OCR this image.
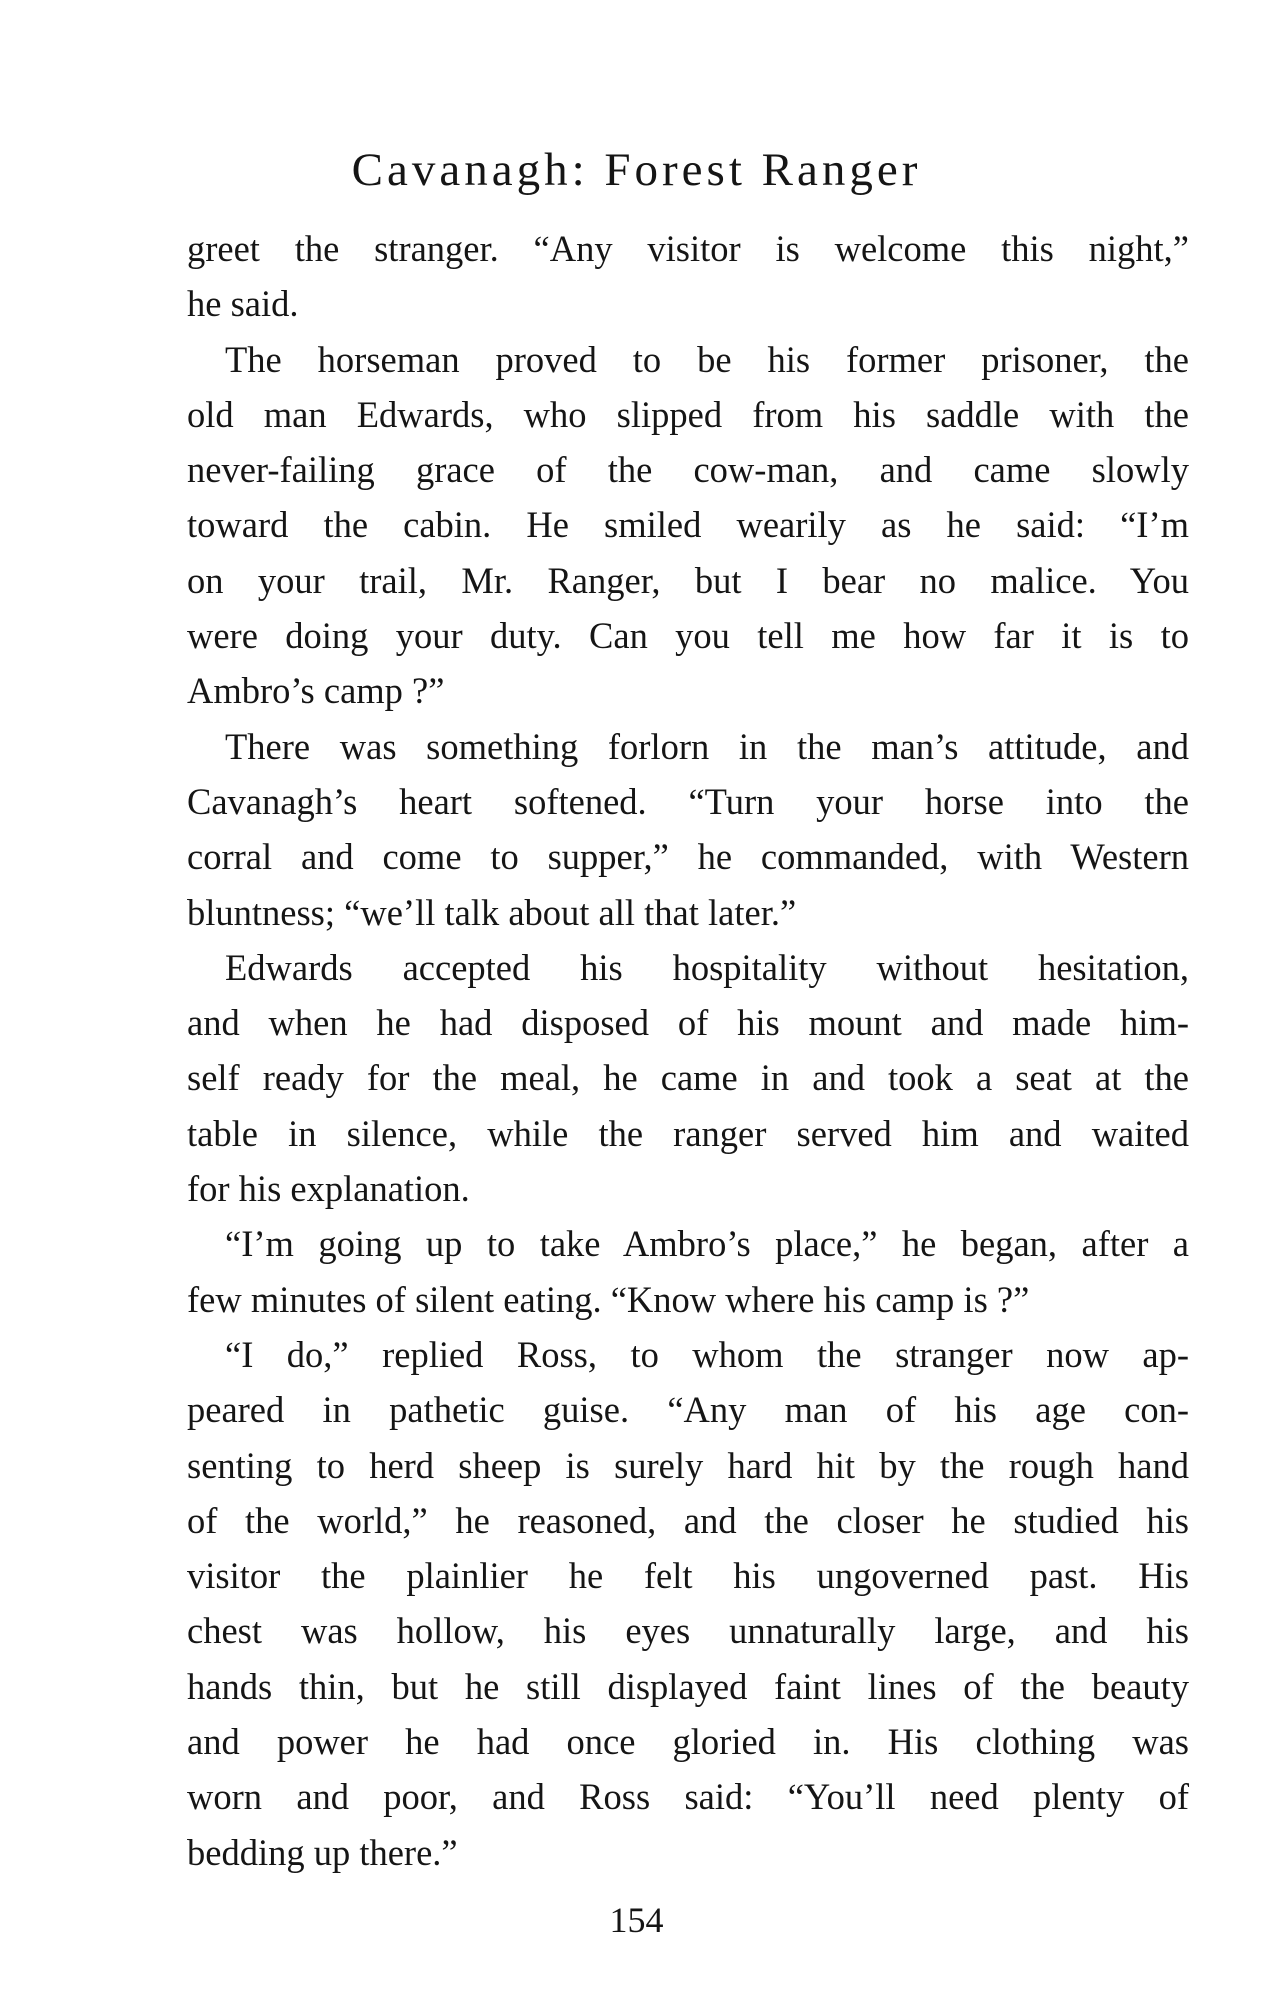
Cavanagh: Forest Ranger
greet the stranger. “Any visitor is welcome this night,”
he said.
The horseman proved to be his former prisoner, the
old man Edwards, who slipped from his saddle with the
never-failing grace of the cow-man, and came slowly
toward the cabin. He smiled wearily as he said: “I’m
on your trail, Mr. Ranger, but I bear no malice. You
were doing your duty. Can you tell me how far it is to
Ambro’s camp ?”
There was something forlorn in the man’s attitude, and
Cavanagh’s heart softened. “Turn your horse into the
corral and come to supper,” he commanded, with Western
bluntness; “we’ll talk about all that later.”
Edwards accepted his hospitality without hesitation,
and when he had disposed of his mount and made him-
self ready for the meal, he came in and took a seat at the
table in silence, while the ranger served him and waited
for his explanation.
“I’m going up to take Ambro’s place,” he began, after a
few minutes of silent eating. “Know where his camp is ?”
“I do,” replied Ross, to whom the stranger now ap-
peared in pathetic guise. “Any man of his age con-
senting to herd sheep is surely hard hit by the rough hand
of the world,” he reasoned, and the closer he studied his
visitor the plainlier he felt his ungoverned past. His
chest was hollow, his eyes unnaturally large, and his
hands thin, but he still displayed faint lines of the beauty
and power he had once gloried in. His clothing was
worn and poor, and Ross said: “You’ll need plenty of
bedding up there.”
154
